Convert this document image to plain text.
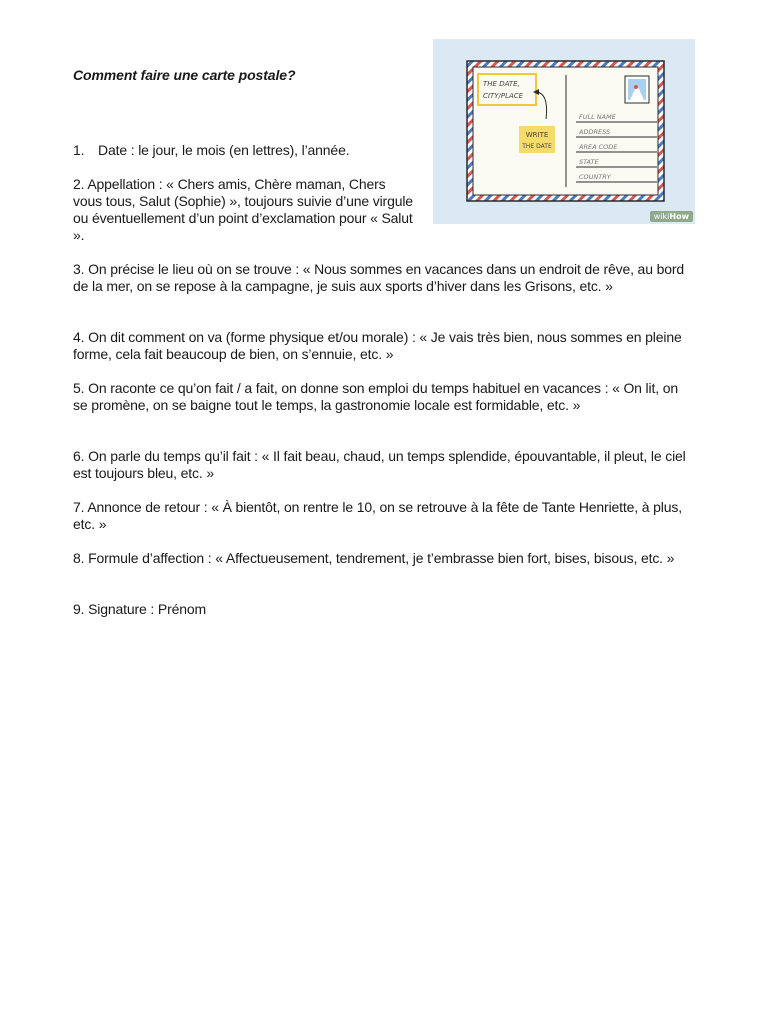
Comment faire une carte postale?
1. Date : le jour, le mois (en lettres), l’année.
2. Appellation : « Chers amis, Chère maman, Chers vous tous, Salut (Sophie) », toujours suivie d’une virgule ou éventuellement d’un point d’exclamation pour « Salut ».
3. On précise le lieu où on se trouve : « Nous sommes en vacances dans un endroit de rêve, au bord de la mer, on se repose à la campagne, je suis aux sports d’hiver dans les Grisons, etc. »
4. On dit comment on va (forme physique et/ou morale) : « Je vais très bien, nous sommes en pleine forme, cela fait beaucoup de bien, on s’ennuie, etc. »
5. On raconte ce qu’on fait / a fait, on donne son emploi du temps habituel en vacances : « On lit, on se promène, on se baigne tout le temps, la gastronomie locale est formidable, etc. »
6. On parle du temps qu’il fait : « Il fait beau, chaud, un temps splendide, épouvantable, il pleut, le ciel est toujours bleu, etc. »
7. Annonce de retour : « À bientôt, on rentre le 10, on se retrouve à la fête de Tante Henriette, à plus, etc. »
8. Formule d’affection : « Affectueusement, tendrement, je t’embrasse bien fort, bises, bisous, etc. »
9. Signature : Prénom
THE DATE,
CITY/PLACE
WRITE
THE DATE
FULL NAME
ADDRESS
AREA CODE
STATE
COUNTRY
wikiHow
